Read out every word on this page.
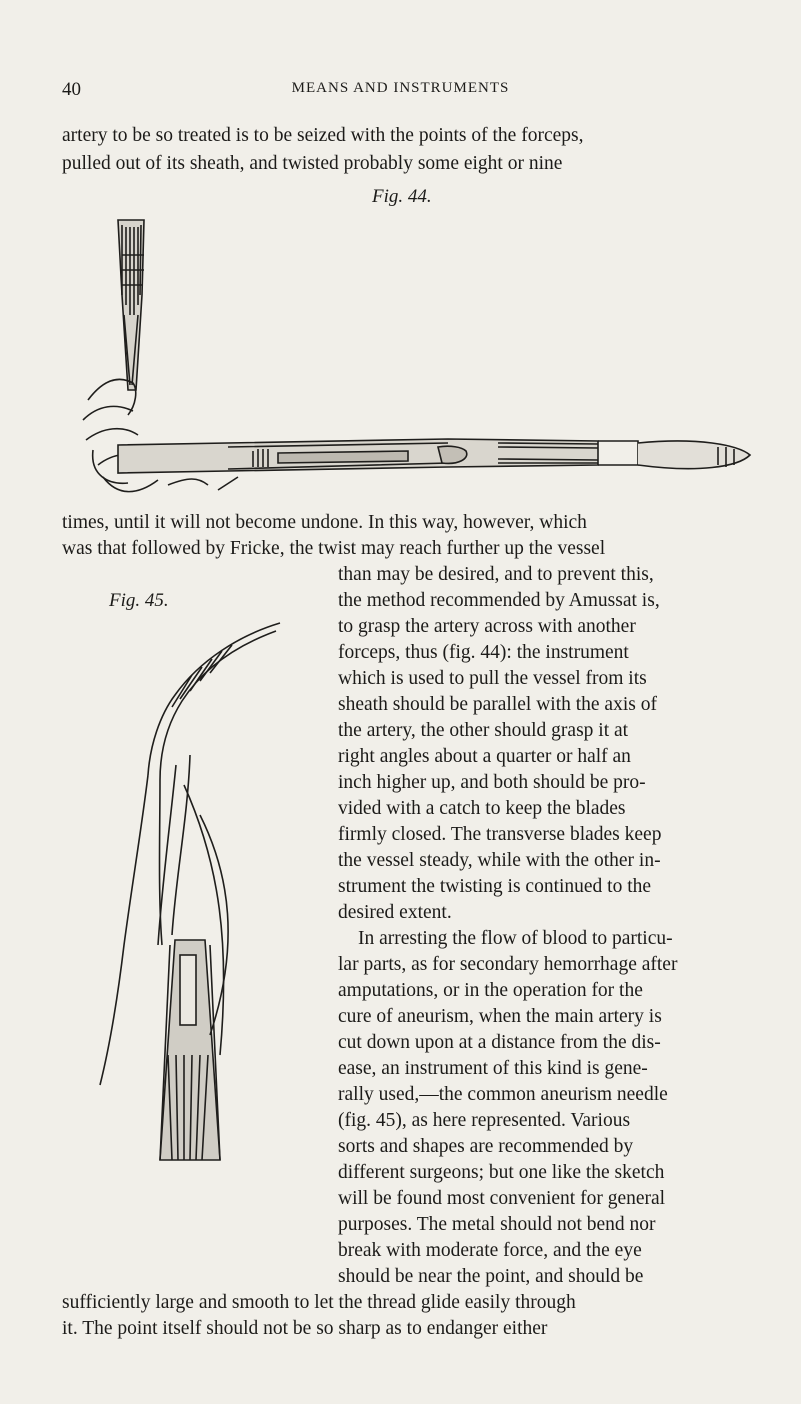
40	MEANS AND INSTRUMENTS
artery to be so treated is to be seized with the points of the forceps,
pulled out of its sheath, and twisted probably some eight or nine
Fig. 44.
times, until it will not become undone. In this way, however, which
was that followed by Fricke, the twist may reach further up the vessel
Fig. 45.
than may be desired, and to prevent this,
the method recommended by Amussat is,
to grasp the artery across with another
forceps, thus (fig. 44): the instrument
which is used to pull the vessel from its
sheath should be parallel with the axis of
the artery, the other should grasp it at
right angles about a quarter or half an
inch higher up, and both should be pro-
vided with a catch to keep the blades
firmly closed. The transverse blades keep
the vessel steady, while with the other in-
strument the twisting is continued to the
desired extent.
In arresting the flow of blood to particu-
lar parts, as for secondary hemorrhage after
amputations, or in the operation for the
cure of aneurism, when the main artery is
cut down upon at a distance from the dis-
ease, an instrument of this kind is gene-
rally used,—the common aneurism needle
(fig. 45), as here represented. Various
sorts and shapes are recommended by
different surgeons; but one like the sketch
will be found most convenient for general
purposes. The metal should not bend nor
break with moderate force, and the eye
should be near the point, and should be
sufficiently large and smooth to let the thread glide easily through
it. The point itself should not be so sharp as to endanger either
